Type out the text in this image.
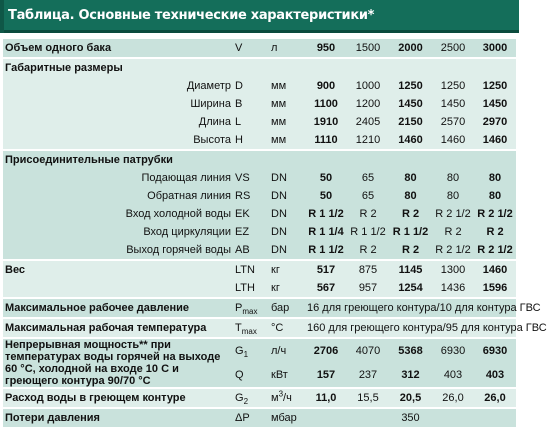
Таблица. Основные технические характеристики*
Объем одного бака	V	л	950	1500	2000	2500	3000
Габаритные размеры							
Диаметр	D	мм	900	1000	1250	1250	1250
Ширина	B	мм	1100	1200	1450	1450	1450
Длина	L	мм	1910	2405	2150	2570	2970
Высота	H	мм	1110	1210	1460	1460	1460
Присоединительные патрубки							
Подающая линия	VS	DN	50	65	80	80	80
Обратная линия	RS	DN	50	65	80	80	80
Вход холодной воды	EK	DN	R 1 1/2	R 2	R 2	R 2 1/2	R 2 1/2
Вход циркуляции	EZ	DN	R 1 1/4	R 1 1/2	R 1 1/2	R 2	R 2
Выход горячей воды	AB	DN	R 1 1/2	R 2	R 2	R 2 1/2	R 2 1/2
Вес	LTN	кг	517	875	1145	1300	1460
	LTH	кг	567	957	1254	1436	1596
Максимальное рабочее давление	$P_{max}$	бар	16 для греющего контура/10 для контура ГВС				
Максимальная рабочая температура	$T_{max}$	°C	160 для греющего контура/95 для контура ГВС				
Непрерывная мощность** при температурах воды горячей на выходе 60 °C, холодной на входе 10 С и греющего контура 90/70 °C	$G_1$	л/ч	2706	4070	5368	6930	6930
	Q	кВт	157	237	312	403	403
Расход воды в греющем контуре	$G_2$	$м^3/ч$	11,0	15,5	20,5	26,0	26,0
Потери давления	ΔP	мбар	350				
